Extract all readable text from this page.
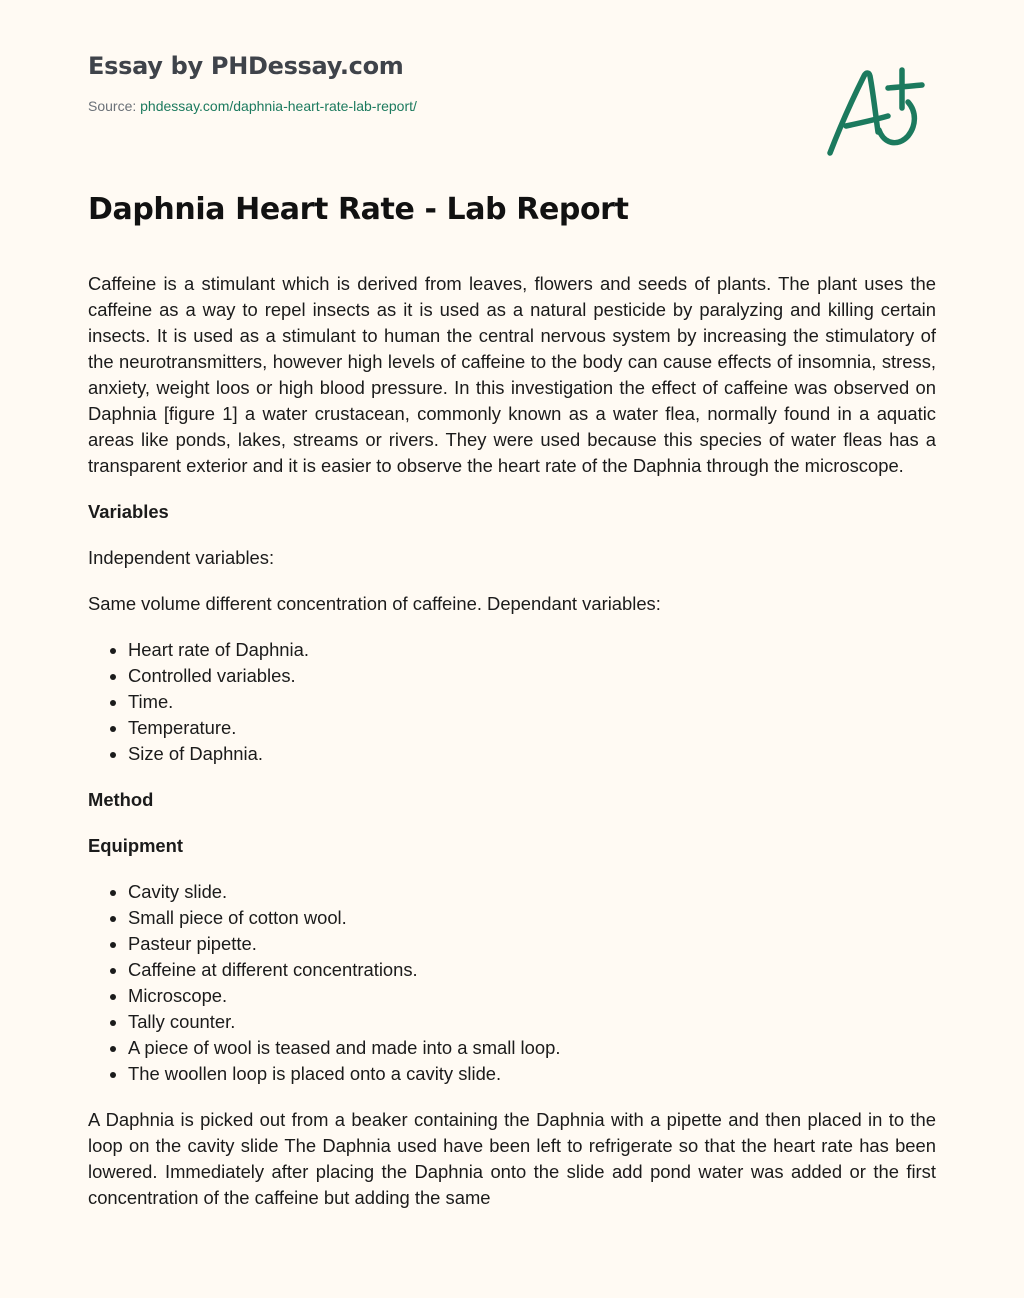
Essay by PHDessay.com
Source: phdessay.com/daphnia-heart-rate-lab-report/
Daphnia Heart Rate - Lab Report

Caffeine is a stimulant which is derived from leaves, flowers and seeds of plants. The plant uses the caffeine as a way to repel insects as it is used as a natural pesticide by paralyzing and killing certain insects. It is used as a stimulant to human the central nervous system by increasing the stimulatory of the neurotransmitters, however high levels of caffeine to the body can cause effects of insomnia, stress, anxiety, weight loos or high blood pressure. In this investigation the effect of caffeine was observed on Daphnia [figure 1] a water crustacean, commonly known as a water flea, normally found in a aquatic areas like ponds, lakes, streams or rivers. They were used because this species of water fleas has a transparent exterior and it is easier to observe the heart rate of the Daphnia through the microscope.

Variables

Independent variables:

Same volume different concentration of caffeine. Dependant variables:

• Heart rate of Daphnia.
• Controlled variables.
• Time.
• Temperature.
• Size of Daphnia.
Method
Equipment
• Cavity slide.
• Small piece of cotton wool.
• Pasteur pipette.
• Caffeine at different concentrations.
• Microscope.
• Tally counter.
• A piece of wool is teased and made into a small loop.
• The woollen loop is placed onto a cavity slide.

A Daphnia is picked out from a beaker containing the Daphnia with a pipette and then placed in to the loop on the cavity slide The Daphnia used have been left to refrigerate so that the heart rate has been lowered. Immediately after placing the Daphnia onto the slide add pond water was added or the first concentration of the caffeine but adding the same
